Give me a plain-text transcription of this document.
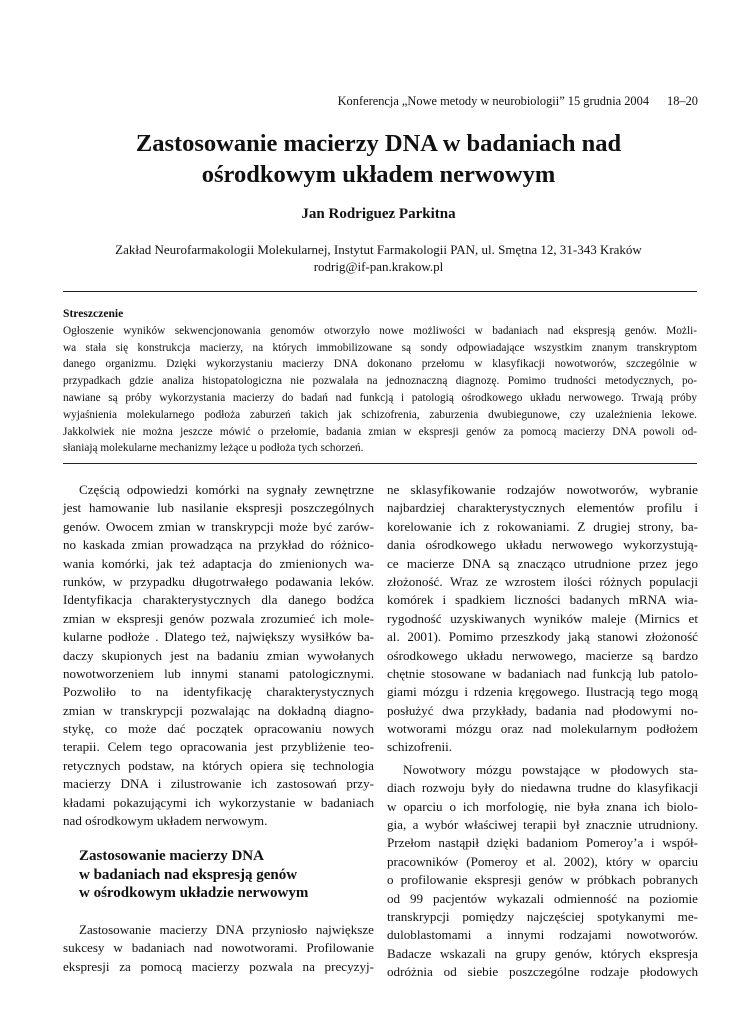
Konferencja „Nowe metody w neurobiologii” 15 grudnia 2004 18–20
Zastosowanie macierzy DNA w badaniach nad
ośrodkowym układem nerwowym
Jan Rodriguez Parkitna
Zakład Neurofarmakologii Molekularnej, Instytut Farmakologii PAN, ul. Smętna 12, 31-343 Kraków
rodrig@if-pan.krakow.pl
Streszczenie
Ogłoszenie wyników sekwencjonowania genomów otworzyło nowe możliwości w badaniach nad ekspresją genów. Możli-
wa stała się konstrukcja macierzy, na których immobilizowane są sondy odpowiadające wszystkim znanym transkryptom
danego organizmu. Dzięki wykorzystaniu macierzy DNA dokonano przełomu w klasyfikacji nowotworów, szczególnie w
przypadkach gdzie analiza histopatologiczna nie pozwalała na jednoznaczną diagnozę. Pomimo trudności metodycznych, po-
nawiane są próby wykorzystania macierzy do badań nad funkcją i patologią ośrodkowego układu nerwowego. Trwają próby
wyjaśnienia molekularnego podłoża zaburzeń takich jak schizofrenia, zaburzenia dwubiegunowe, czy uzależnienia lekowe.
Jakkolwiek nie można jeszcze mówić o przełomie, badania zmian w ekspresji genów za pomocą macierzy DNA powoli od-
słaniają molekularne mechanizmy leżące u podłoża tych schorzeń.
Częścią odpowiedzi komórki na sygnały zewnętrzne
jest hamowanie lub nasilanie ekspresji poszczególnych
genów. Owocem zmian w transkrypcji może być zarów-
no kaskada zmian prowadząca na przykład do różnico-
wania komórki, jak też adaptacja do zmienionych wa-
runków, w przypadku długotrwałego podawania leków.
Identyfikacja charakterystycznych dla danego bodźca
zmian w ekspresji genów pozwala zrozumieć ich mole-
kularne podłoże . Dlatego też, największy wysiłków ba-
daczy skupionych jest na badaniu zmian wywołanych
nowotworzeniem lub innymi stanami patologicznymi.
Pozwoliło to na identyfikację charakterystycznych
zmian w transkrypcji pozwalając na dokładną diagno-
stykę, co może dać początek opracowaniu nowych
terapii. Celem tego opracowania jest przybliżenie teo-
retycznych podstaw, na których opiera się technologia
macierzy DNA i zilustrowanie ich zastosowań przy-
kładami pokazującymi ich wykorzystanie w badaniach
nad ośrodkowym układem nerwowym.
Zastosowanie macierzy DNA
w badaniach nad ekspresją genów
w ośrodkowym układzie nerwowym
Zastosowanie macierzy DNA przyniosło największe
sukcesy w badaniach nad nowotworami. Profilowanie
ekspresji za pomocą macierzy pozwala na precyzyj-
ne sklasyfikowanie rodzajów nowotworów, wybranie
najbardziej charakterystycznych elementów profilu i
korelowanie ich z rokowaniami. Z drugiej strony, ba-
dania ośrodkowego układu nerwowego wykorzystują-
ce macierze DNA są znacząco utrudnione przez jego
złożoność. Wraz ze wzrostem ilości różnych populacji
komórek i spadkiem liczności badanych mRNA wia-
rygodność uzyskiwanych wyników maleje (Mirnics et
al. 2001). Pomimo przeszkody jaką stanowi złożoność
ośrodkowego układu nerwowego, macierze są bardzo
chętnie stosowane w badaniach nad funkcją lub patolo-
giami mózgu i rdzenia kręgowego. Ilustracją tego mogą
posłużyć dwa przykłady, badania nad płodowymi no-
wotworami mózgu oraz nad molekularnym podłożem
schizofrenii.
Nowotwory mózgu powstające w płodowych sta-
diach rozwoju były do niedawna trudne do klasyfikacji
w oparciu o ich morfologię, nie była znana ich biolo-
gia, a wybór właściwej terapii był znacznie utrudniony.
Przełom nastąpił dzięki badaniom Pomeroy’a i współ-
pracowników (Pomeroy et al. 2002), który w oparciu
o profilowanie ekspresji genów w próbkach pobranych
od 99 pacjentów wykazali odmienność na poziomie
transkrypcji pomiędzy najczęściej spotykanymi me-
duloblastomami a innymi rodzajami nowotworów.
Badacze wskazali na grupy genów, których ekspresja
odróżnia od siebie poszczególne rodzaje płodowych
